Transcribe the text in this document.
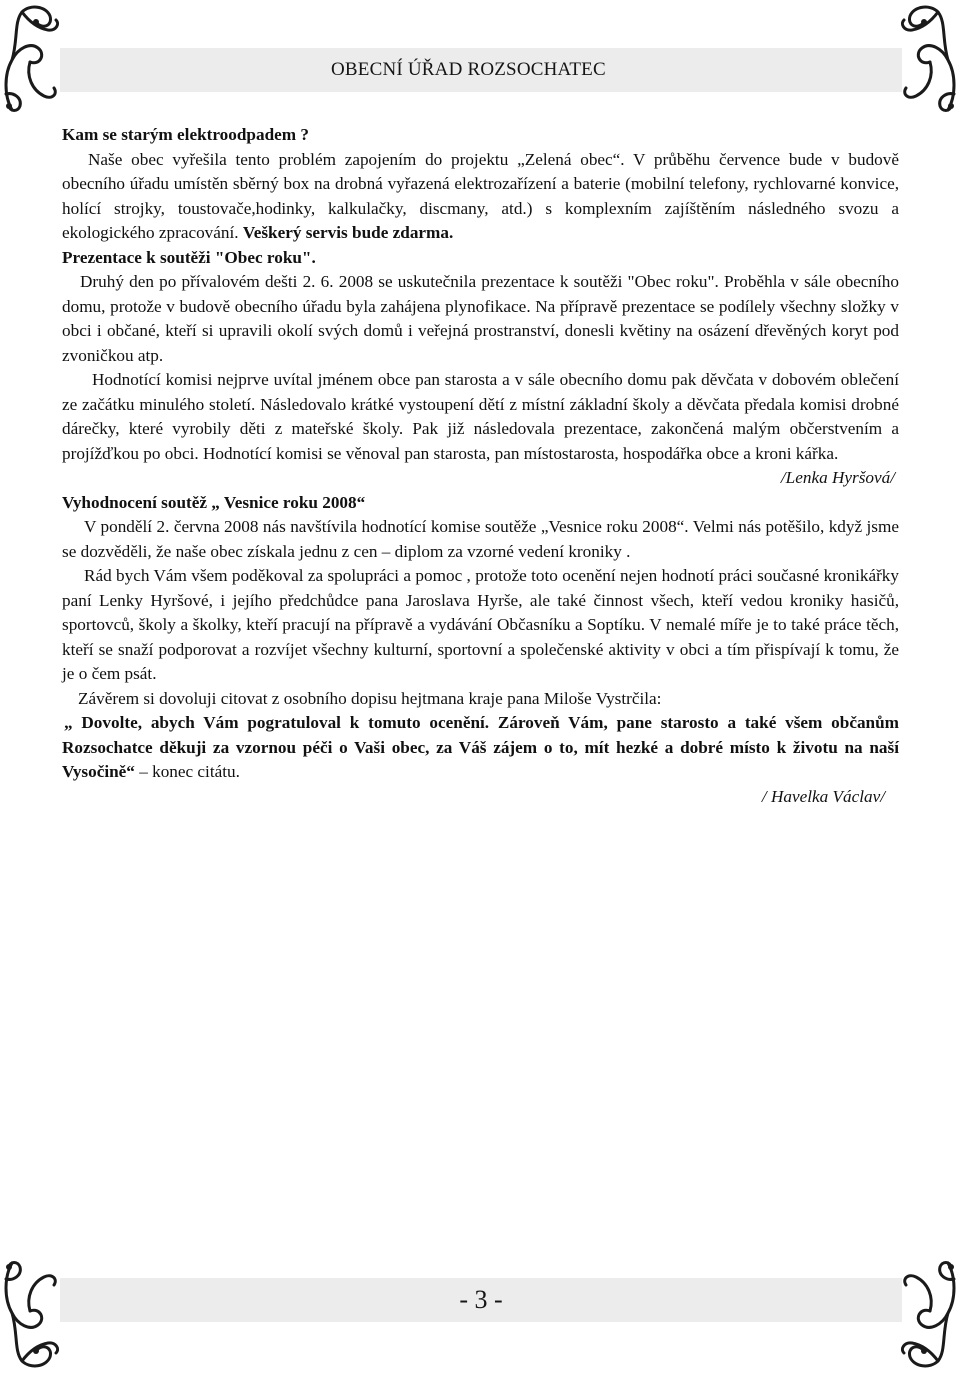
OBECNÍ ÚŘAD ROZSOCHATEC

Kam se starým elektroodpadem ?

Naše obec vyřešila tento problém zapojením do projektu „Zelená obec“. V průběhu července bude v budově obecního úřadu umístěn sběrný box na drobná vyřazená elektrozařízení a baterie (mobilní telefony, rychlovarné konvice, holící strojky, toustovače,hodinky, kalkulačky, discmany, atd.) s komplexním zajíštěním následného svozu a ekologického zpracování. Veškerý servis bude zdarma.

Prezentace k soutěži "Obec roku".

Druhý den po přívalovém dešti 2. 6. 2008 se uskutečnila prezentace k soutěži "Obec roku". Proběhla v sále obecního domu, protože v budově obecního úřadu byla zahájena plynofikace. Na přípravě prezentace se podílely všechny složky v obci i občané, kteří si upravili okolí svých domů i veřejná prostranství, donesli květiny na osázení dřevěných koryt pod zvoničkou atp.

Hodnotící komisi nejprve uvítal jménem obce pan starosta a v sále obecního domu pak děvčata v dobovém oblečení ze začátku minulého století. Následovalo krátké vystoupení dětí z místní základní školy a děvčata předala komisi drobné dárečky, které vyrobily děti z mateřské školy. Pak již následovala prezentace, zakončená malým občerstvením a projížďkou po obci. Hodnotící komisi se věnoval pan starosta, pan místostarosta, hospodářka obce a kroni kářka.

/Lenka Hyršová/

Vyhodnocení soutěž „ Vesnice roku 2008“

V pondělí 2. června 2008 nás navštívila hodnotící komise soutěže „Vesnice roku 2008“. Velmi nás potěšilo, když jsme se dozvěděli, že naše obec získala jednu z cen – diplom za vzorné vedení kroniky .

Rád bych Vám všem poděkoval za spolupráci a pomoc , protože toto ocenění nejen hodnotí práci současné kronikářky paní Lenky Hyršové, i jejího předchůdce pana Jaroslava Hyrše, ale také činnost všech, kteří vedou kroniky hasičů, sportovců, školy a školky, kteří pracují na přípravě a vydávání Občasníku a Soptíku. V nemalé míře je to také práce těch, kteří se snaží podporovat a rozvíjet všechny kulturní, sportovní a společenské aktivity v obci a tím přispívají k tomu, že je o čem psát.

Závěrem si dovoluji citovat z osobního dopisu hejtmana kraje pana Miloše Vystrčila:

„ Dovolte, abych Vám pogratuloval k tomuto ocenění. Zároveň Vám, pane starosto a také všem občanům Rozsochatce děkuji za vzornou péči o Vaši obec, za Váš zájem o to, mít hezké a dobré místo k životu na naší Vysočině“ – konec citátu.

/ Havelka Václav/

- 3 -
